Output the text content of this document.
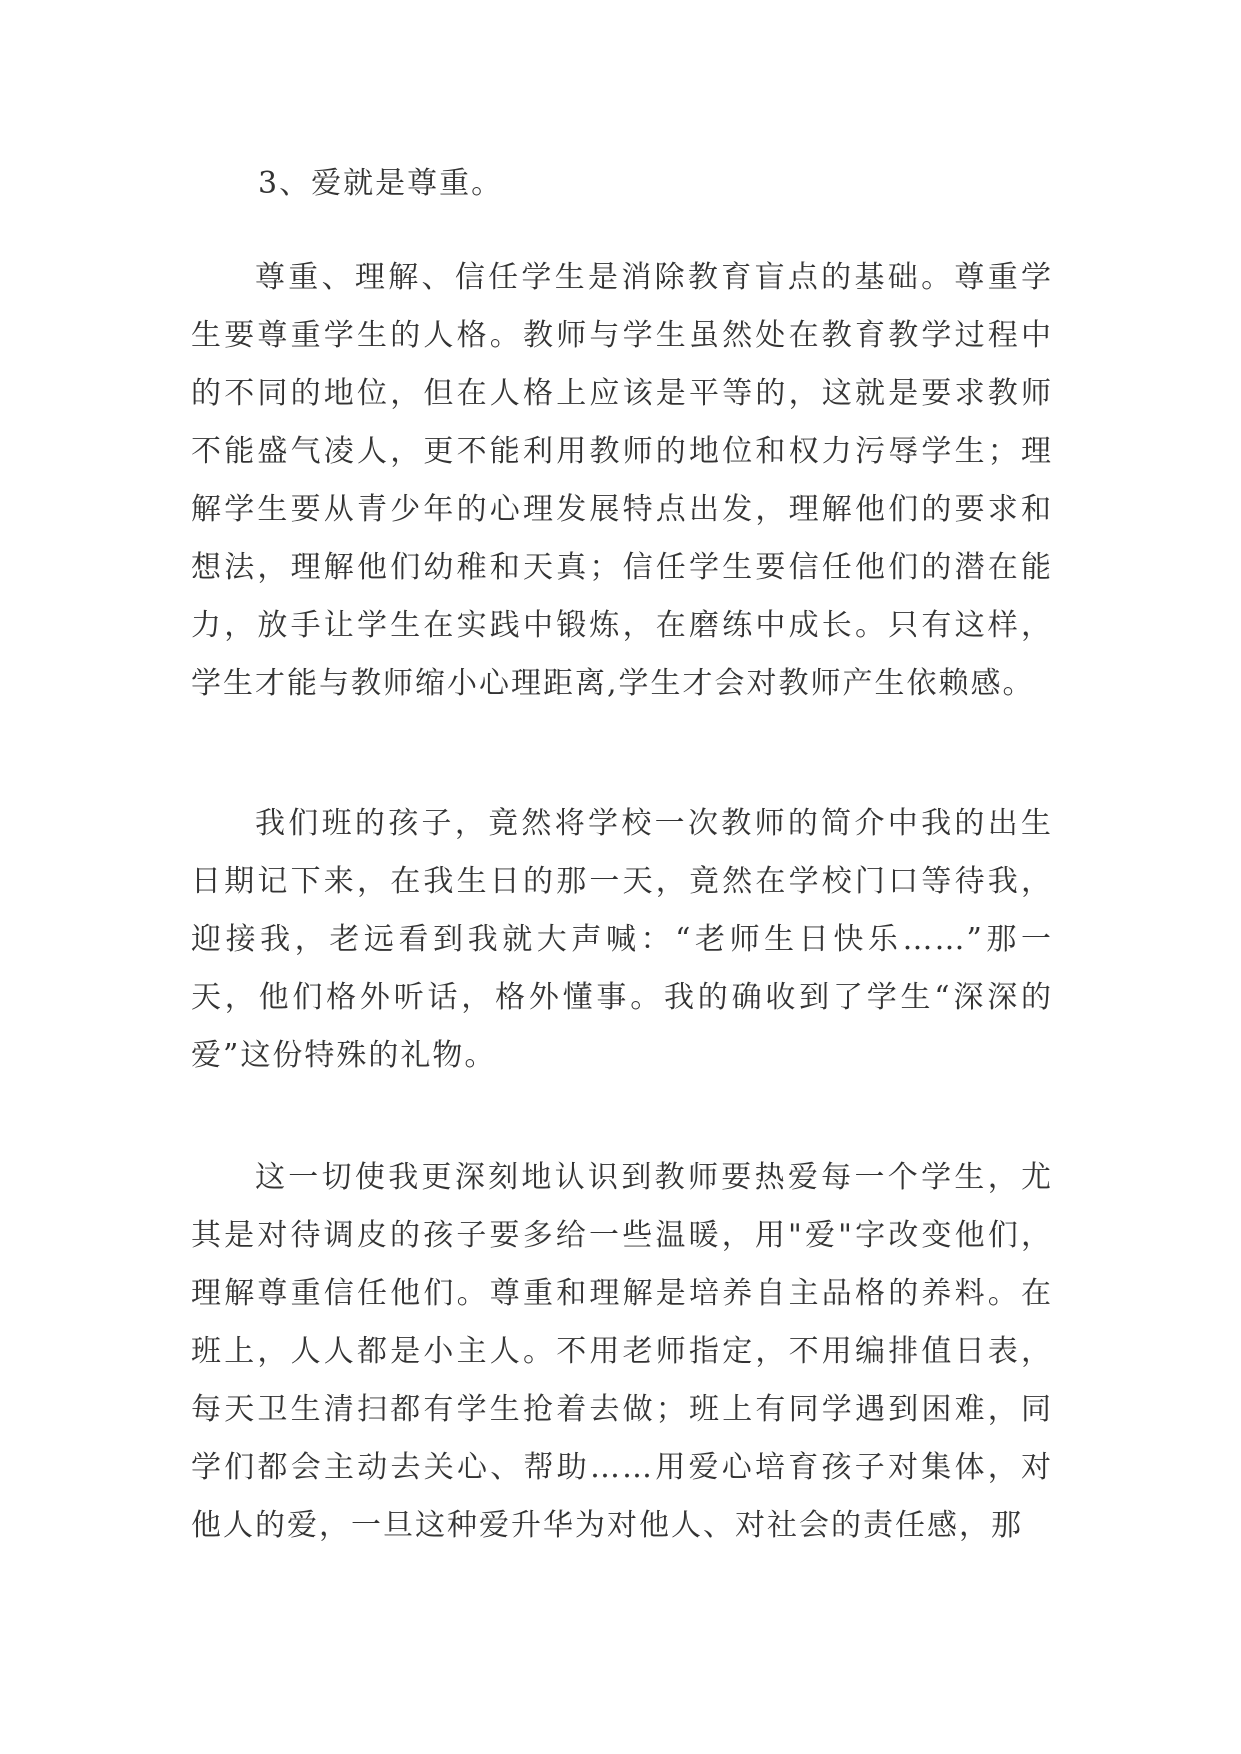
3、爱就是尊重。

尊重、理解、信任学生是消除教育盲点的基础。尊重学生要尊重学生的人格。教师与学生虽然处在教育教学过程中的不同的地位，但在人格上应该是平等的，这就是要求教师不能盛气凌人，更不能利用教师的地位和权力污辱学生；理解学生要从青少年的心理发展特点出发，理解他们的要求和想法，理解他们幼稚和天真；信任学生要信任他们的潜在能力，放手让学生在实践中锻炼，在磨练中成长。只有这样，学生才能与教师缩小心理距离,学生才会对教师产生依赖感。

我们班的孩子，竟然将学校一次教师的简介中我的出生日期记下来，在我生日的那一天，竟然在学校门口等待我，迎接我，老远看到我就大声喊：“老师生日快乐……”那一天，他们格外听话，格外懂事。我的确收到了学生“深深的爱”这份特殊的礼物。

这一切使我更深刻地认识到教师要热爱每一个学生，尤其是对待调皮的孩子要多给一些温暖，用"爱"字改变他们，理解尊重信任他们。尊重和理解是培养自主品格的养料。在班上，人人都是小主人。不用老师指定，不用编排值日表，每天卫生清扫都有学生抢着去做；班上有同学遇到困难，同学们都会主动去关心、帮助……用爱心培育孩子对集体，对他人的爱，一旦这种爱升华为对他人、对社会的责任感，那
